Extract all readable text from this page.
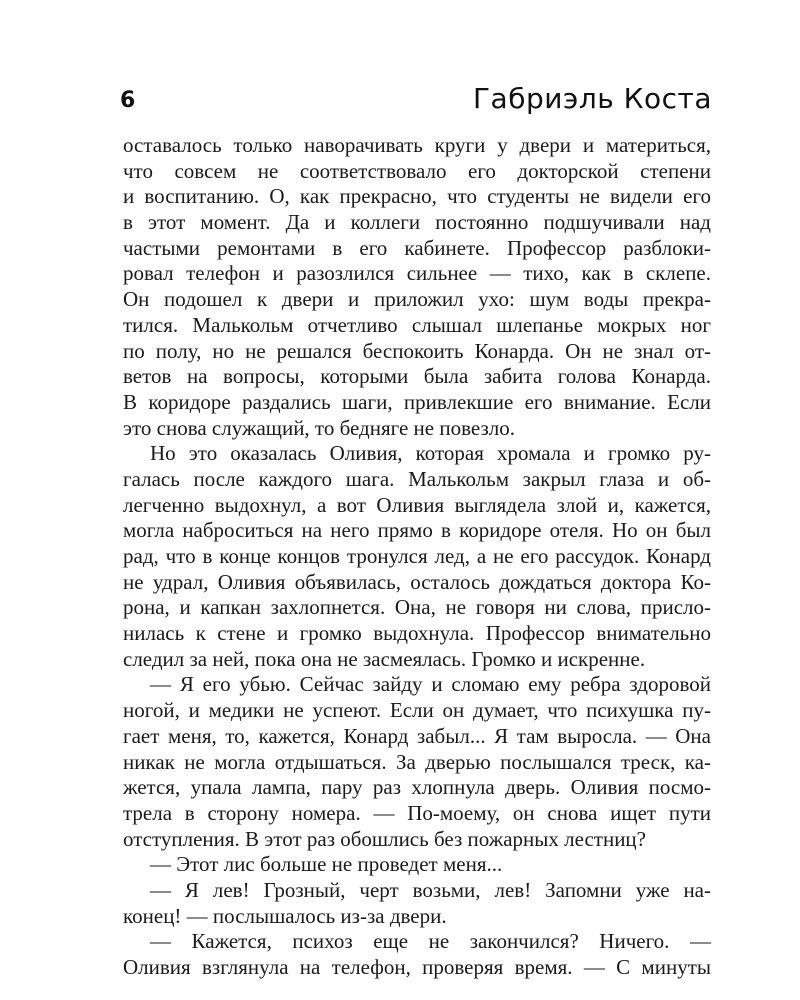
6	Габриэль Коста
оставалось только наворачивать круги у двери и материться,
что совсем не соответствовало его докторской степени
и воспитанию. О, как прекрасно, что студенты не видели его
в этот момент. Да и коллеги постоянно подшучивали над
частыми ремонтами в его кабинете. Профессор разблоки-
ровал телефон и разозлился сильнее — тихо, как в склепе.
Он подошел к двери и приложил ухо: шум воды прекра-
тился. Малькольм отчетливо слышал шлепанье мокрых ног
по полу, но не решался беспокоить Конарда. Он не знал от-
ветов на вопросы, которыми была забита голова Конарда.
В коридоре раздались шаги, привлекшие его внимание. Если
это снова служащий, то бедняге не повезло.
Но это оказалась Оливия, которая хромала и громко ру-
галась после каждого шага. Малькольм закрыл глаза и об-
легченно выдохнул, а вот Оливия выглядела злой и, кажется,
могла наброситься на него прямо в коридоре отеля. Но он был
рад, что в конце концов тронулся лед, а не его рассудок. Конард
не удрал, Оливия объявилась, осталось дождаться доктора Ко-
рона, и капкан захлопнется. Она, не говоря ни слова, присло-
нилась к стене и громко выдохнула. Профессор внимательно
следил за ней, пока она не засмеялась. Громко и искренне.
— Я его убью. Сейчас зайду и сломаю ему ребра здоровой
ногой, и медики не успеют. Если он думает, что психушка пу-
гает меня, то, кажется, Конард забыл... Я там выросла. — Она
никак не могла отдышаться. За дверью послышался треск, ка-
жется, упала лампа, пару раз хлопнула дверь. Оливия посмо-
трела в сторону номера. — По-моему, он снова ищет пути
отступления. В этот раз обошлись без пожарных лестниц?
— Этот лис больше не проведет меня...
— Я лев! Грозный, черт возьми, лев! Запомни уже на-
конец! — послышалось из-за двери.
— Кажется, психоз еще не закончился? Ничего. —
Оливия взглянула на телефон, проверяя время. — С минуты
